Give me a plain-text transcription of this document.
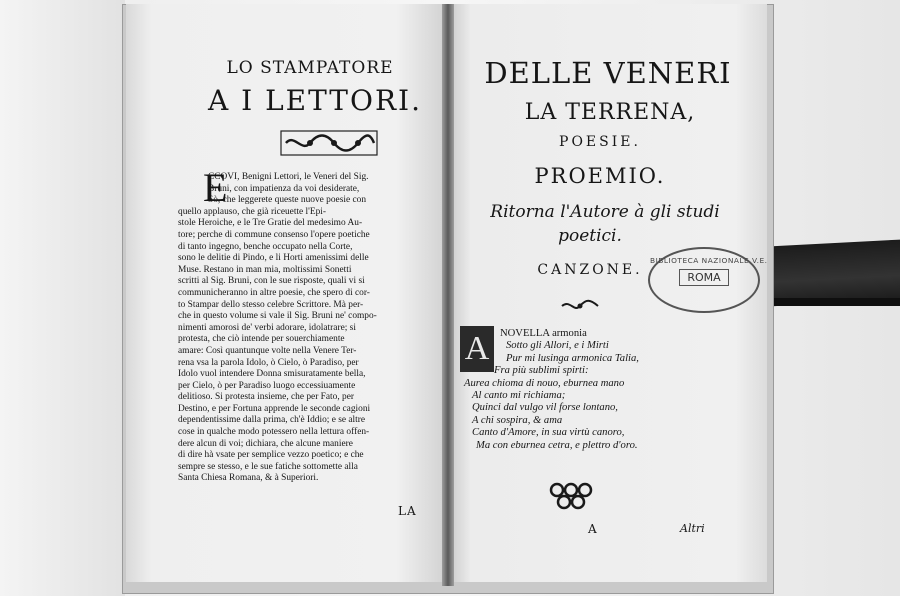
LO STAMPATORE
A I LETTORI.
E
CCOVI, Benigni Lettori, le Veneri del Sig.
Bruni, con impatienza da voi desiderate,
Sò, che leggerete queste nuove poesie con
quello applauso, che già riceuette l'Epi-
stole Heroiche, e le Tre Gratie del medesimo Au-
tore; perche di commune consenso l'opere poetiche
di tanto ingegno, benche occupato nella Corte,
sono le delitie di Pindo, e li Horti amenissimi delle
Muse. Restano in man mia, moltissimi Sonetti
scritti al Sig. Bruni, con le sue risposte, quali vi si
communicheranno in altre poesie, che spero di cor-
to Stampar dello stesso celebre Scrittore. Mà per-
che in questo volume si vale il Sig. Bruni ne' compo-
nimenti amorosi de' verbi adorare, idolatrare; si
protesta, che ciò intende per souerchiamente
amare: Così quantunque volte nella Venere Ter-
rena vsa la parola Idolo, ò Cielo, ò Paradiso, per
Idolo vuol intendere Donna smisuratamente bella,
per Cielo, ò per Paradiso luogo eccessiuamente
delitioso. Si protesta insieme, che per Fato, per
Destino, e per Fortuna apprende le seconde cagioni
dependentissime dalla prima, ch'è Iddio; e se altre
cose in qualche modo potessero nella lettura offen-
dere alcun di voi; dichiara, che alcune maniere
di dire hà vsate per semplice vezzo poetico; e che
sempre se stesso, e le sue fatiche sottomette alla
Santa Chiesa Romana, & à Superiori.
LA
DELLE VENERI
LA TERRENA,
POESIE.
PROEMIO.
Ritorna l'Autore à gli studi
poetici.
CANZONE.
A	NOVELLA armonia
Sotto gli Allori, e i Mirti
Pur mi lusinga armonica Talia,
Fra più sublimi spirti:
Aurea chioma di nouo, eburnea mano
Al canto mi richiama;
Quinci dal vulgo vil forse lontano,
A chi sospira, & ama
Canto d'Amore, in sua virtù canoro,
Ma con eburnea cetra, e plettro d'oro.
A	Altri
BIBLIOTECA NAZIONALE V.E.
ROMA
